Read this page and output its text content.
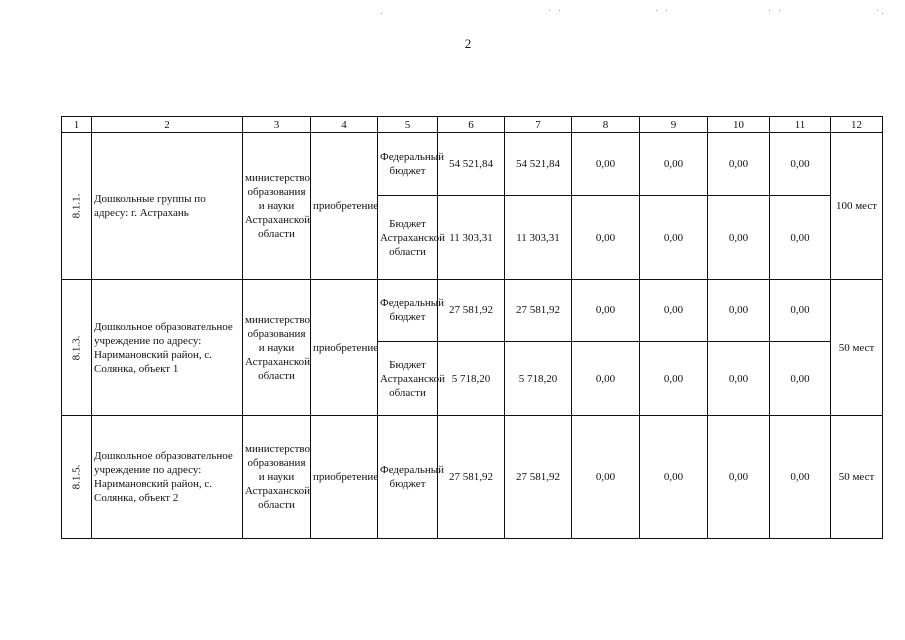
2
.	· ·	· ·	· ·	·.
1	2	3	4	5	6	7	8	9	10	11	12
8.1.1.	Дошкольные группы по адресу: г. Астрахань	министерство образования и науки Астраханской области	приобретение	Федеральный бюджет	54 521,84	54 521,84	0,00	0,00	0,00	0,00	100 мест
				Бюджет Астраханской области	11 303,31	11 303,31	0,00	0,00	0,00	0,00	
8.1.3.	Дошкольное образовательное учреждение по адресу: Наримановский район, с. Солянка, объект 1	министерство образования и науки Астраханской области	приобретение	Федеральный бюджет	27 581,92	27 581,92	0,00	0,00	0,00	0,00	50 мест
				Бюджет Астраханской области	5 718,20	5 718,20	0,00	0,00	0,00	0,00	
8.1.5.	Дошкольное образовательное учреждение по адресу: Наримановский район, с. Солянка, объект 2	министерство образования и науки Астраханской области	приобретение	Федеральный бюджет	27 581,92	27 581,92	0,00	0,00	0,00	0,00	50 мест
